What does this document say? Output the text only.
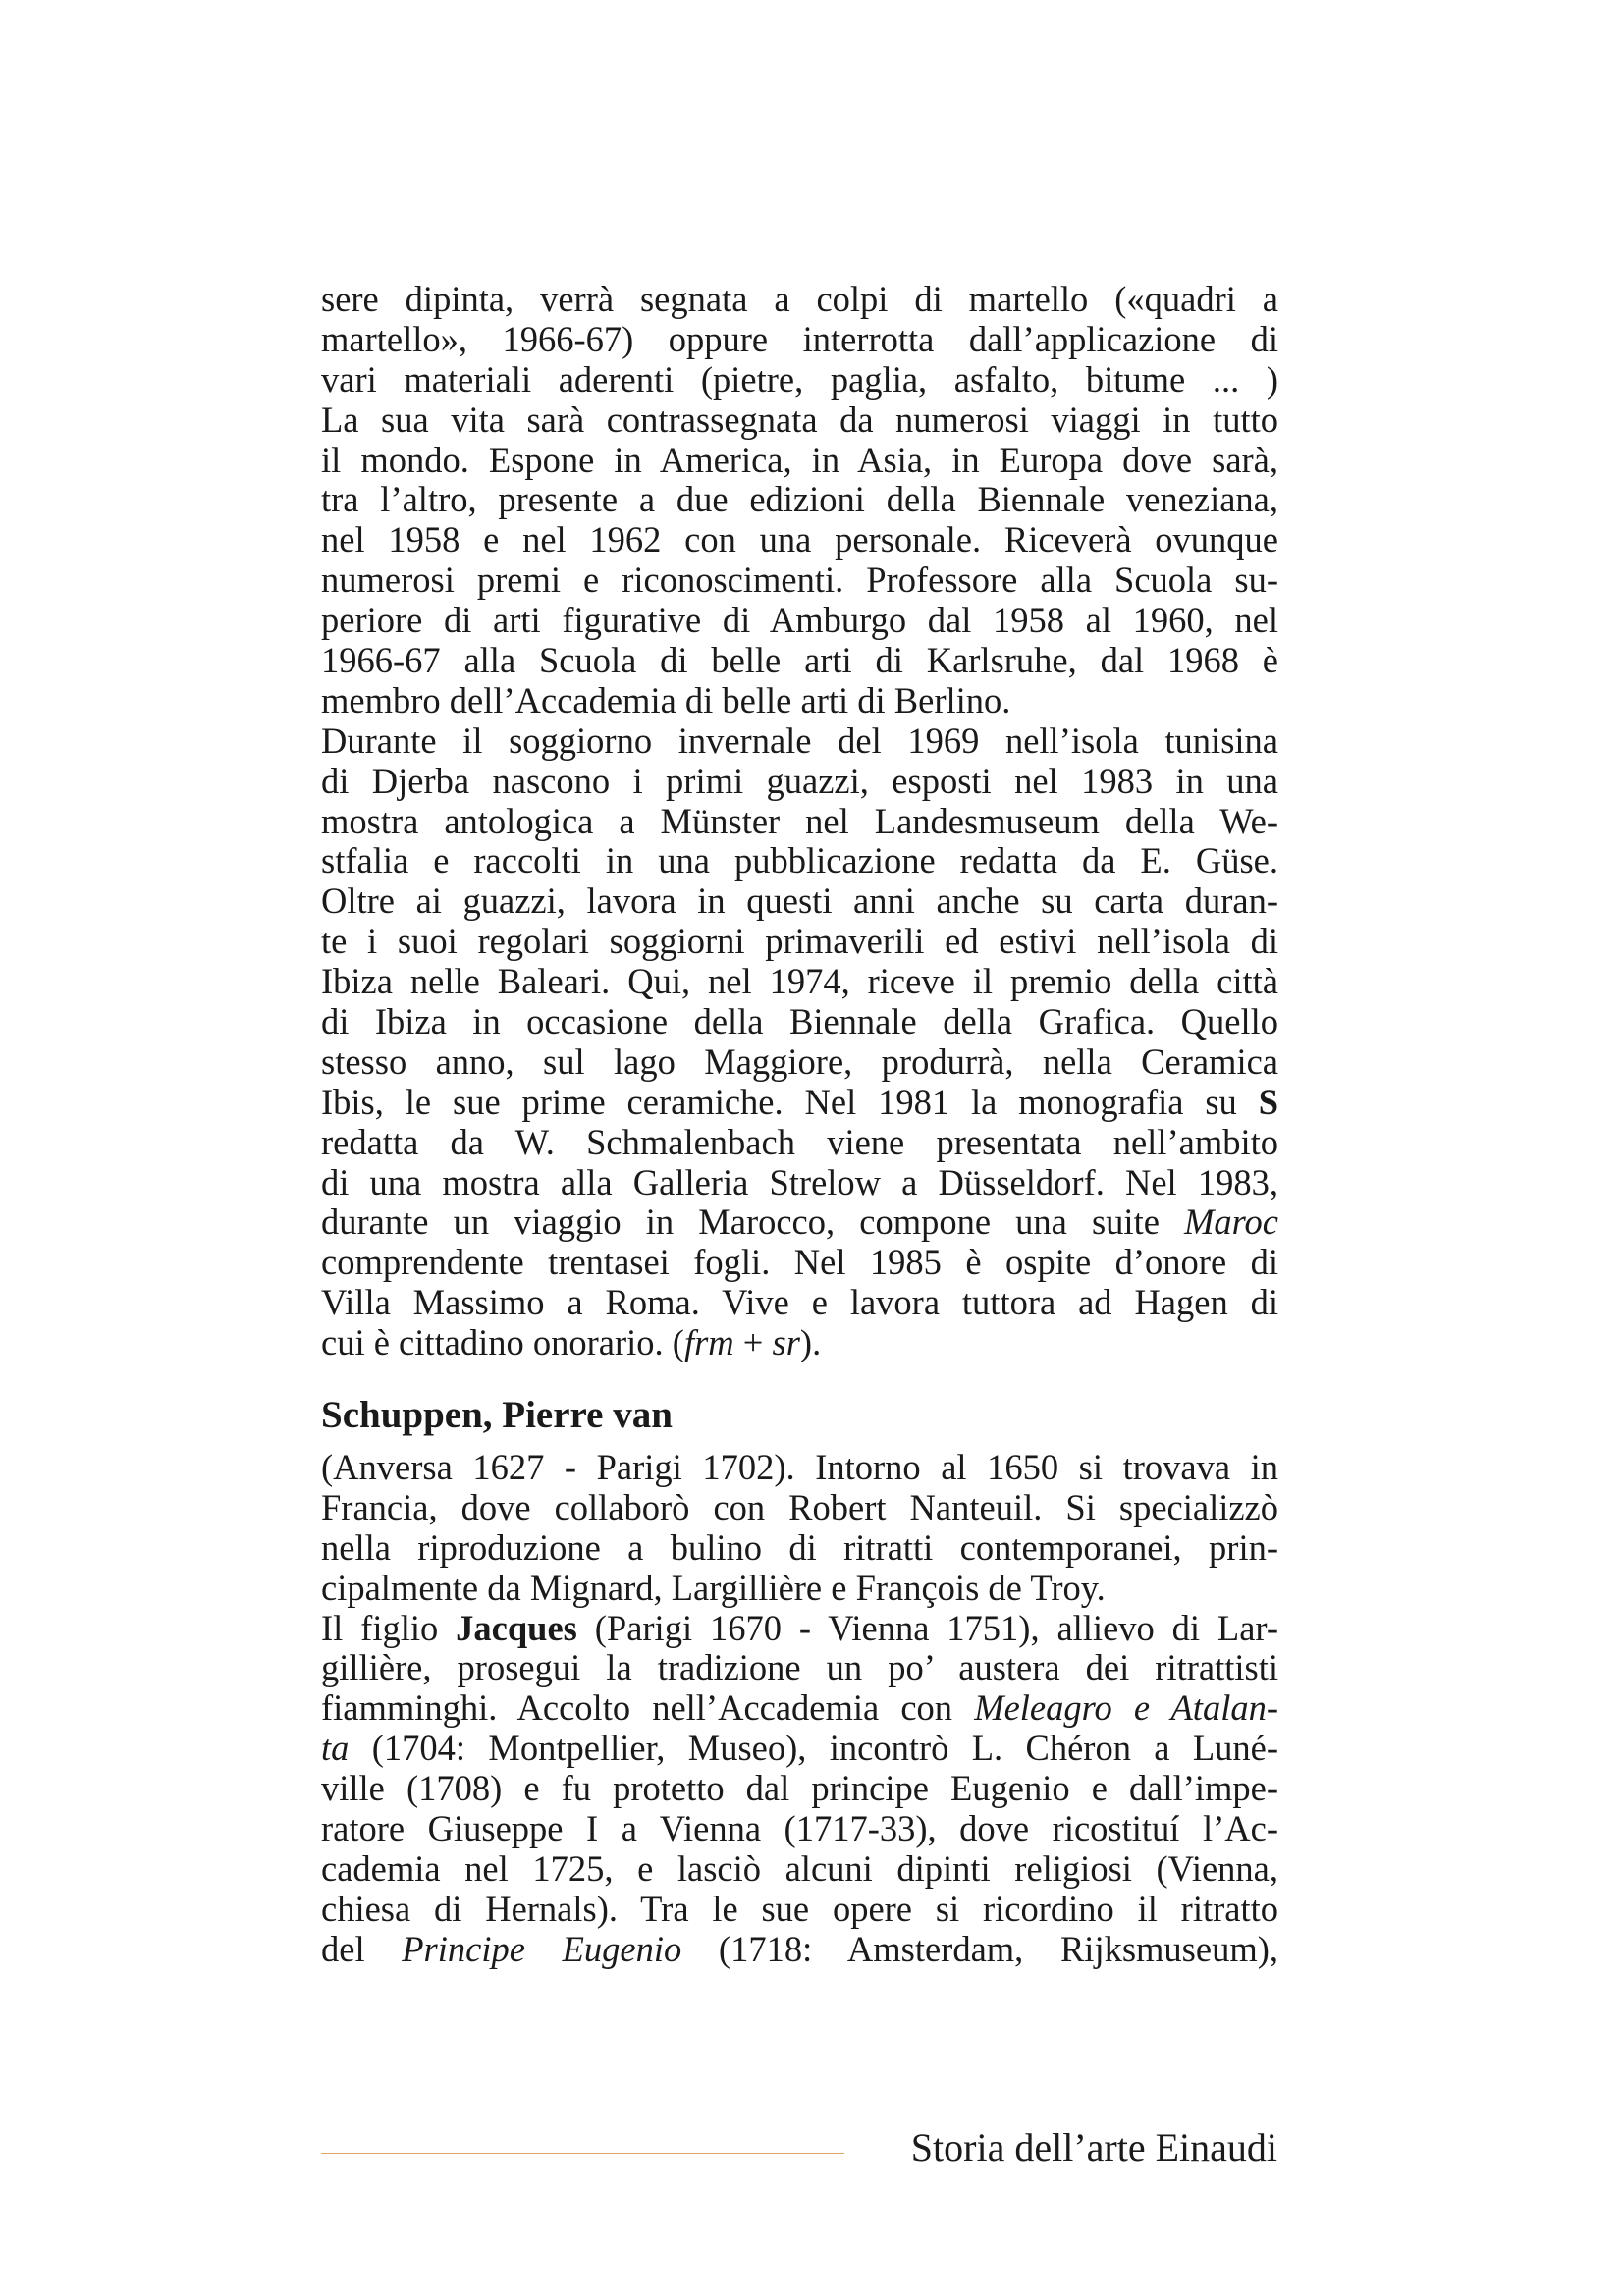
sere dipinta, verrà segnata a colpi di martello («quadri a
martello», 1966-67) oppure interrotta dall’applicazione di
vari materiali aderenti (pietre, paglia, asfalto, bitume ... )
La sua vita sarà contrassegnata da numerosi viaggi in tutto
il mondo. Espone in America, in Asia, in Europa dove sarà,
tra l’altro, presente a due edizioni della Biennale veneziana,
nel 1958 e nel 1962 con una personale. Riceverà ovunque
numerosi premi e riconoscimenti. Professore alla Scuola su-
periore di arti figurative di Amburgo dal 1958 al 1960, nel
1966-67 alla Scuola di belle arti di Karlsruhe, dal 1968 è
membro dell’Accademia di belle arti di Berlino.
Durante il soggiorno invernale del 1969 nell’isola tunisina
di Djerba nascono i primi guazzi, esposti nel 1983 in una
mostra antologica a Münster nel Landesmuseum della We-
stfalia e raccolti in una pubblicazione redatta da E. Güse.
Oltre ai guazzi, lavora in questi anni anche su carta duran-
te i suoi regolari soggiorni primaverili ed estivi nell’isola di
Ibiza nelle Baleari. Qui, nel 1974, riceve il premio della città
di Ibiza in occasione della Biennale della Grafica. Quello
stesso anno, sul lago Maggiore, produrrà, nella Ceramica
Ibis, le sue prime ceramiche. Nel 1981 la monografia su S
redatta da W. Schmalenbach viene presentata nell’ambito
di una mostra alla Galleria Strelow a Düsseldorf. Nel 1983,
durante un viaggio in Marocco, compone una suite Maroc
comprendente trentasei fogli. Nel 1985 è ospite d’onore di
Villa Massimo a Roma. Vive e lavora tuttora ad Hagen di
cui è cittadino onorario. (frm + sr).
Schuppen, Pierre van
(Anversa 1627 - Parigi 1702). Intorno al 1650 si trovava in
Francia, dove collaborò con Robert Nanteuil. Si specializzò
nella riproduzione a bulino di ritratti contemporanei, prin-
cipalmente da Mignard, Largillière e François de Troy.
Il figlio Jacques (Parigi 1670 - Vienna 1751), allievo di Lar-
gillière, prosegui la tradizione un po’ austera dei ritrattisti
fiamminghi. Accolto nell’Accademia con Meleagro e Atalan-
ta (1704: Montpellier, Museo), incontrò L. Chéron a Luné-
ville (1708) e fu protetto dal principe Eugenio e dall’impe-
ratore Giuseppe I a Vienna (1717-33), dove ricostituí l’Ac-
cademia nel 1725, e lasciò alcuni dipinti religiosi (Vienna,
chiesa di Hernals). Tra le sue opere si ricordino il ritratto
del Principe Eugenio (1718: Amsterdam, Rijksmuseum),
Storia dell’arte Einaudi
